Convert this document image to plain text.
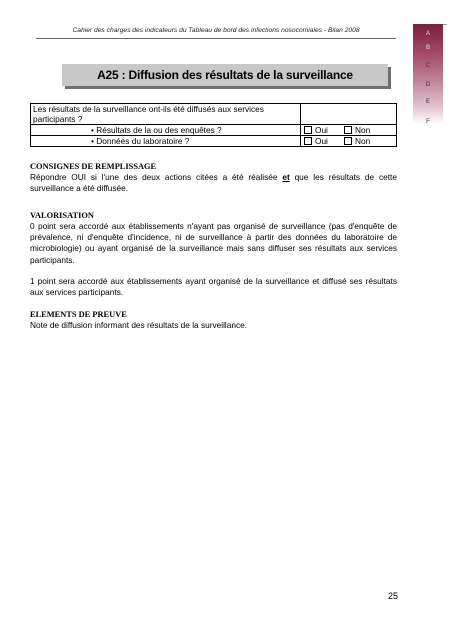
Cahier des charges des indicateurs du Tableau de bord des infections nosocomiales - Bilan 2008	A
B
C
D
E
F
A25 : Diffusion des résultats de la surveillance
Les résultats de la surveillance ont-ils été diffusés aux services participants ?	

• Résultats de la ou des enquêtes ?	Oui Non

• Données du laboratoire ?	Oui Non
CONSIGNES DE REMPLISSAGE
Répondre OUI si l'une des deux actions citées a été réalisée et que les résultats de cette surveillance a été diffusée.
VALORISATION
0 point sera accordé aux établissements n'ayant pas organisé de surveillance (pas d'enquête de prévalence, ni d'enquête d'incidence, ni de surveillance à partir des données du laboratoire de microbiologie) ou ayant organisé de la surveillance mais sans diffuser ses résultats aux services participants.
1 point sera accordé aux établissements ayant organisé de la surveillance et diffusé ses résultats aux services participants.
ELEMENTS DE PREUVE
Note de diffusion informant des résultats de la surveillance.
25
